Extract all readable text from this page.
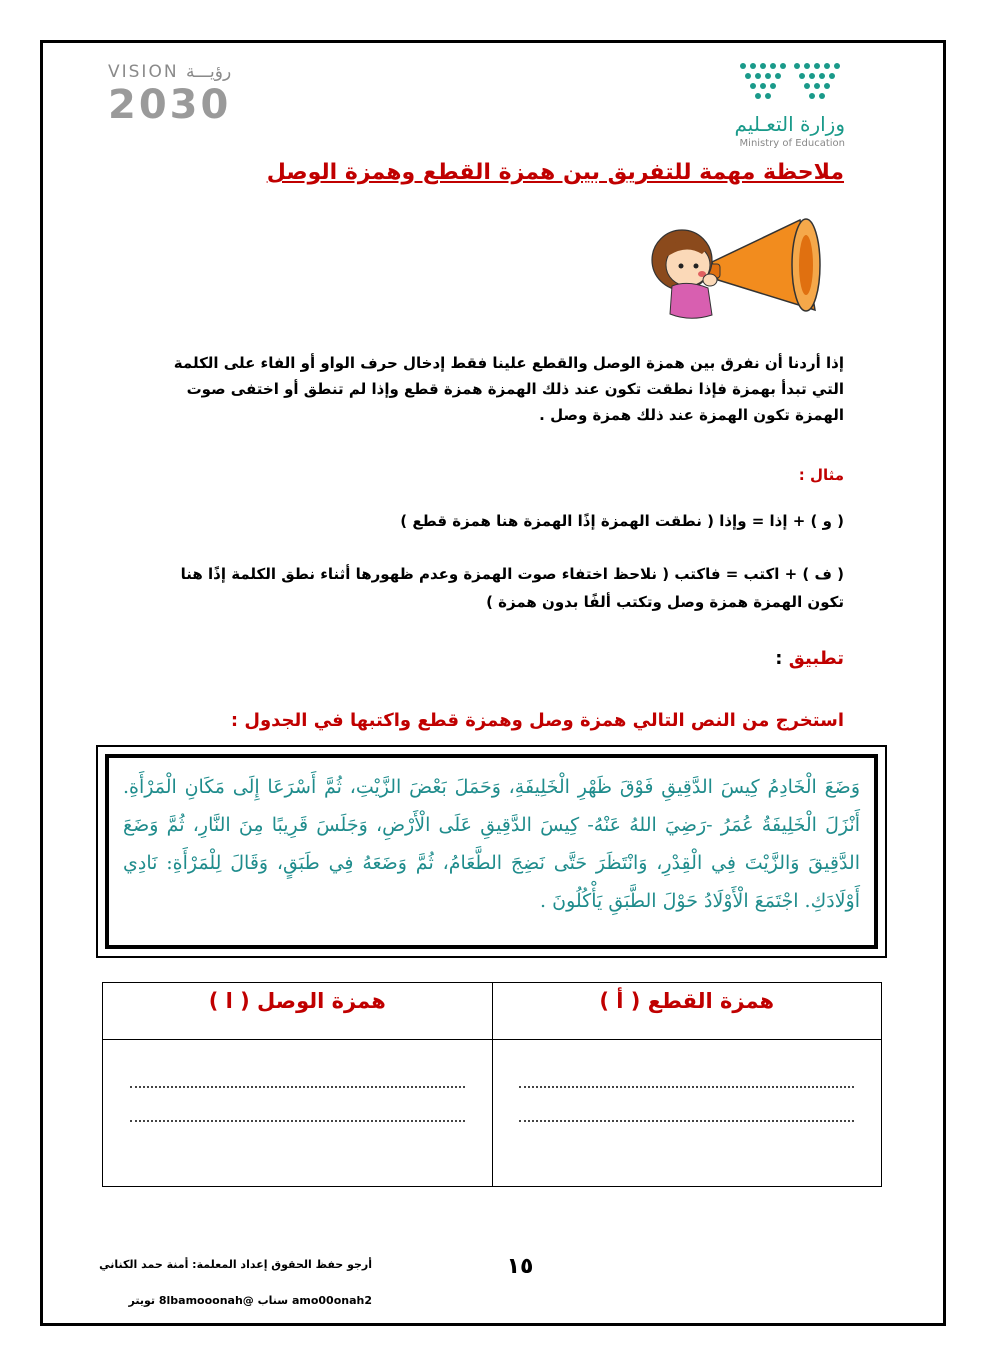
VISION رؤيـــة
2030	وزارة التعـليم
Ministry of Education
ملاحظة مهمة للتفريق بين همزة القطع وهمزة الوصل
إذا أردنا أن نفرق بين همزة الوصل والقطع علينا فقط إدخال حرف الواو أو الفاء على الكلمة التي تبدأ بهمزة فإذا نطقت تكون عند ذلك الهمزة همزة قطع وإذا لم تنطق أو اختفى صوت الهمزة تكون الهمزة عند ذلك همزة وصل .
مثال :
( و ) + إذا = وإذا ( نطقت الهمزة إذًا الهمزة هنا همزة قطع )
( ف ) + اكتب = فاكتب ( نلاحظ اختفاء صوت الهمزة وعدم ظهورها أثناء نطق الكلمة إذًا هنا تكون الهمزة همزة وصل وتكتب ألفًا بدون همزة )
تطبيق :
استخرج من النص التالي همزة وصل وهمزة قطع واكتبها في الجدول :
وَضَعَ الْخَادِمُ كِيسَ الدَّقِيقِ فَوْقَ ظَهْرِ الْخَلِيفَةِ، وَحَمَلَ بَعْضَ الزَّيْتِ، ثُمَّ أَسْرَعَا إِلَى مَكَانِ الْمَرْأَةِ. أَنْزَلَ الْخَلِيفَةُ عُمَرُ -رَضِيَ اللهُ عَنْهُ- كِيسَ الدَّقِيقِ عَلَى الْأَرْضِ، وَجَلَسَ قَرِيبًا مِنَ النَّارِ، ثُمَّ وَضَعَ الدَّقِيقَ وَالزَّيْتَ فِي الْقِدْرِ، وَانْتَظَرَ حَتَّى نَضِجَ الطَّعَامُ، ثُمَّ وَضَعَهُ فِي طَبَقٍ، وَقَالَ لِلْمَرْأَةِ: نَادِي أَوْلَادَكِ. اجْتَمَعَ الْأَوْلَادُ حَوْلَ الطَّبَقِ يَأْكُلُونَ .
همزة القطع ( أ )	همزة الوصل ( ا )

أرجو حفظ الحقوق إعداد المعلمة: أمنة حمد الكناني
amo00onah2 سناب @8lbamooonah تويتر
١٥
